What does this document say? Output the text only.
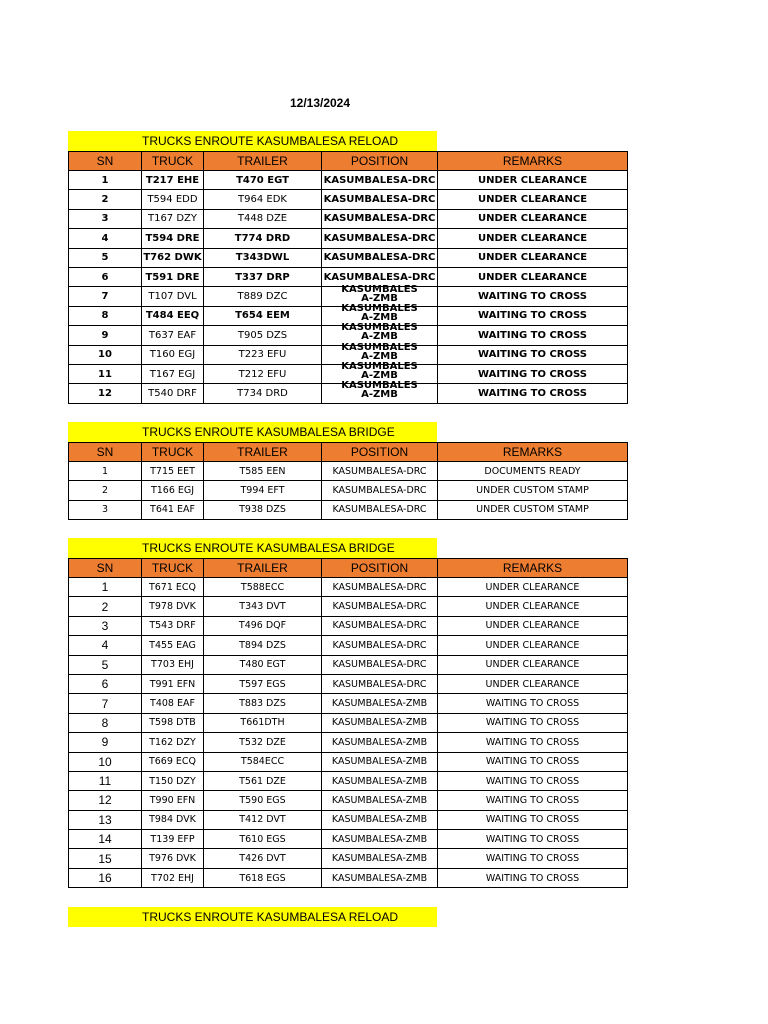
12/13/2024
TRUCKS ENROUTE KASUMBALESA RELOAD
SN	TRUCK	TRAILER	POSITION	REMARKS
1	T217 EHE	T470 EGT	KASUMBALESA-DRC	UNDER CLEARANCE
2	T594 EDD	T964 EDK	KASUMBALESA-DRC	UNDER CLEARANCE
3	T167 DZY	T448 DZE	KASUMBALESA-DRC	UNDER CLEARANCE
4	T594 DRE	T774 DRD	KASUMBALESA-DRC	UNDER CLEARANCE
5	T762 DWK	T343DWL	KASUMBALESA-DRC	UNDER CLEARANCE
6	T591 DRE	T337 DRP	KASUMBALESA-DRC	UNDER CLEARANCE
7	T107 DVL	T889 DZC	KASUMBALESA-ZMB	WAITING TO CROSS
8	T484 EEQ	T654 EEM	KASUMBALESA-ZMB	WAITING TO CROSS
9	T637 EAF	T905 DZS	KASUMBALESA-ZMB	WAITING TO CROSS
10	T160 EGJ	T223 EFU	KASUMBALESA-ZMB	WAITING TO CROSS
11	T167 EGJ	T212 EFU	KASUMBALESA-ZMB	WAITING TO CROSS
12	T540 DRF	T734 DRD	KASUMBALESA-ZMB	WAITING TO CROSS
TRUCKS ENROUTE KASUMBALESA BRIDGE
SN	TRUCK	TRAILER	POSITION	REMARKS
1	T715 EET	T585 EEN	KASUMBALESA-DRC	DOCUMENTS READY
2	T166 EGJ	T994 EFT	KASUMBALESA-DRC	UNDER CUSTOM STAMP
3	T641 EAF	T938 DZS	KASUMBALESA-DRC	UNDER CUSTOM STAMP
TRUCKS ENROUTE KASUMBALESA BRIDGE
SN	TRUCK	TRAILER	POSITION	REMARKS
1	T671 ECQ	T588ECC	KASUMBALESA-DRC	UNDER CLEARANCE
2	T978 DVK	T343 DVT	KASUMBALESA-DRC	UNDER CLEARANCE
3	T543 DRF	T496 DQF	KASUMBALESA-DRC	UNDER CLEARANCE
4	T455 EAG	T894 DZS	KASUMBALESA-DRC	UNDER CLEARANCE
5	T703 EHJ	T480 EGT	KASUMBALESA-DRC	UNDER CLEARANCE
6	T991 EFN	T597 EGS	KASUMBALESA-DRC	UNDER CLEARANCE
7	T408 EAF	T883 DZS	KASUMBALESA-ZMB	WAITING TO CROSS
8	T598 DTB	T661DTH	KASUMBALESA-ZMB	WAITING TO CROSS
9	T162 DZY	T532 DZE	KASUMBALESA-ZMB	WAITING TO CROSS
10	T669 ECQ	T584ECC	KASUMBALESA-ZMB	WAITING TO CROSS
11	T150 DZY	T561 DZE	KASUMBALESA-ZMB	WAITING TO CROSS
12	T990 EFN	T590 EGS	KASUMBALESA-ZMB	WAITING TO CROSS
13	T984 DVK	T412 DVT	KASUMBALESA-ZMB	WAITING TO CROSS
14	T139 EFP	T610 EGS	KASUMBALESA-ZMB	WAITING TO CROSS
15	T976 DVK	T426 DVT	KASUMBALESA-ZMB	WAITING TO CROSS
16	T702 EHJ	T618 EGS	KASUMBALESA-ZMB	WAITING TO CROSS
TRUCKS ENROUTE KASUMBALESA RELOAD
